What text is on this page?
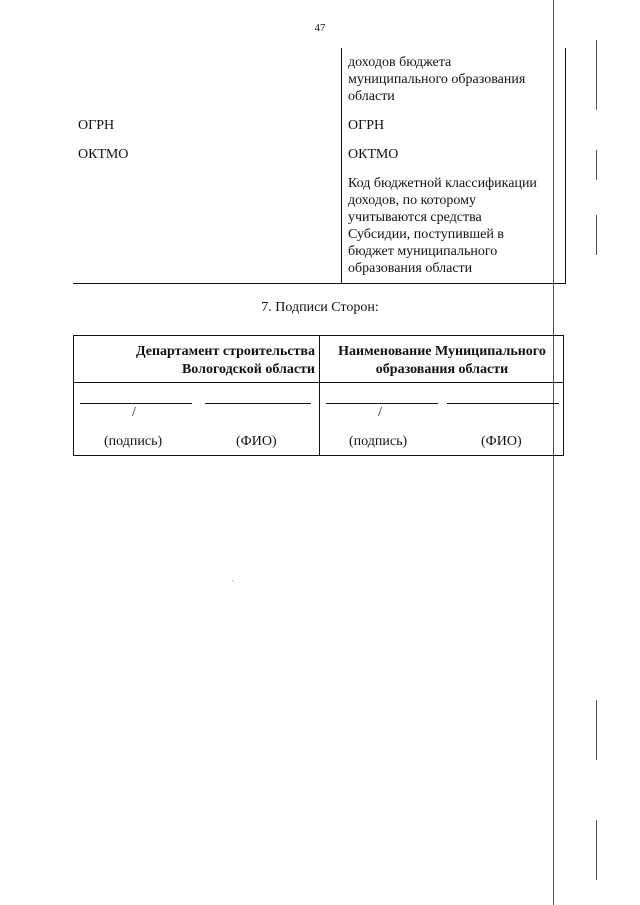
47
ОГРН
ОКТМО
доходов бюджета
муниципального образования
области
ОГРН
ОКТМО
Код бюджетной классификации
доходов, по которому
учитываются средства
Субсидии, поступившей в
бюджет муниципального
образования области
7. Подписи Сторон:
Департамент строительства
Вологодской области
Наименование Муниципального
образования области
/
(подпись)	(ФИО)
/
(подпись)	(ФИО)
